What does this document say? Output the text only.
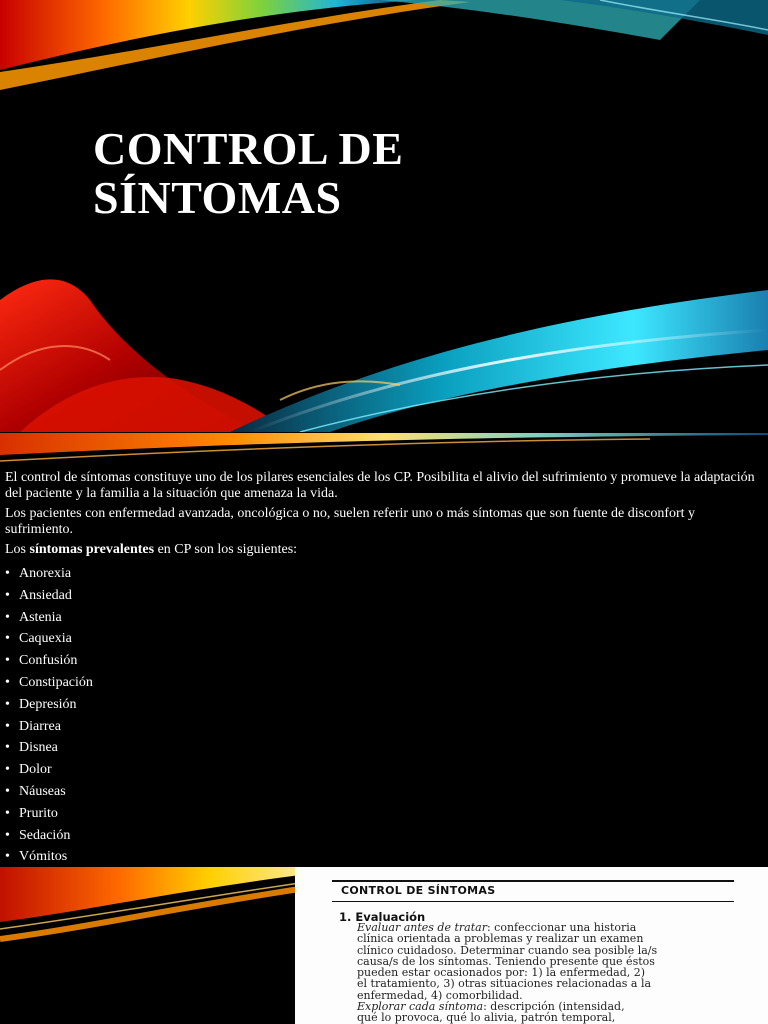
CONTROL DE
SÍNTOMAS

El control de síntomas constituye uno de los pilares esenciales de los CP. Posibilita el alivio del sufrimiento y promueve la adaptación del paciente y la familia a la situación que amenaza la vida.

Los pacientes con enfermedad avanzada, oncológica o no, suelen referir uno o más síntomas que son fuente de disconfort y sufrimiento.

Los síntomas prevalentes en CP son los siguientes:

• Anorexia
• Ansiedad
• Astenia
• Caquexia
• Confusión
• Constipación
• Depresión
• Diarrea
• Disnea
• Dolor
• Náuseas
• Prurito
• Sedación
• Vómitos

CONTROL DE SÍNTOMAS

1. Evaluación

Evaluar antes de tratar: confeccionar una historia
clínica orientada a problemas y realizar un examen
clínico cuidadoso. Determinar cuando sea posible la/s
causa/s de los síntomas. Teniendo presente que éstos
pueden estar ocasionados por: 1) la enfermedad, 2)
el tratamiento, 3) otras situaciones relacionadas a la
enfermedad, 4) comorbilidad.
Explorar cada síntoma: descripción (intensidad,
qué lo provoca, qué lo alivia, patrón temporal,
